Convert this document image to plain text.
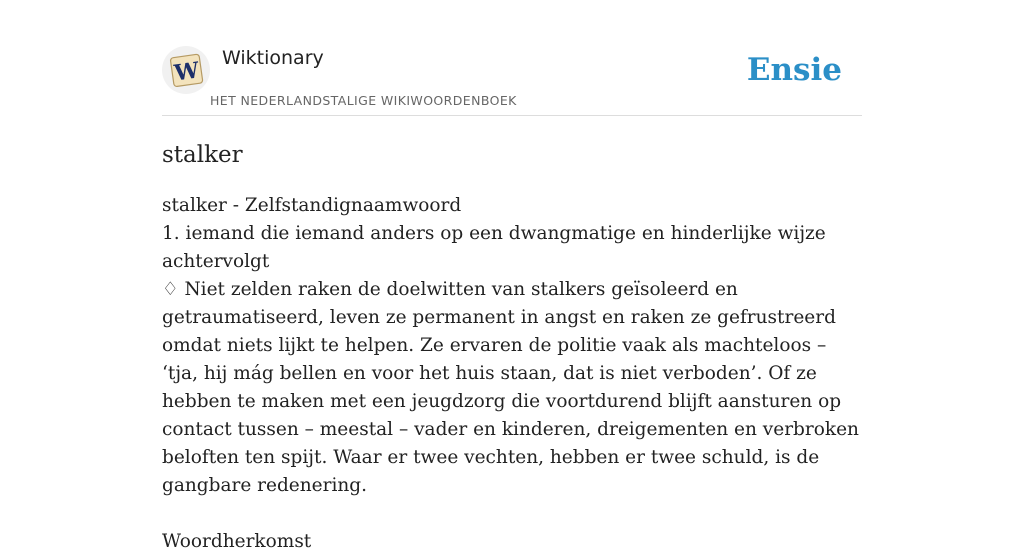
W Wiktionary
HET NEDERLANDSTALIGE WIKIWOORDENBOEK
Ensie
stalker

stalker - Zelfstandignaamwoord

1. iemand die iemand anders op een dwangmatige en hinderlijke wijze achtervolgt

♢ Niet zelden raken de doelwitten van stalkers geïsoleerd en getraumatiseerd, leven ze permanent in angst en raken ze gefrustreerd omdat niets lijkt te helpen. Ze ervaren de politie vaak als machteloos – ‘tja, hij mág bellen en voor het huis staan, dat is niet verboden’. Of ze hebben te maken met een jeugdzorg die voortdurend blijft aansturen op contact tussen – meestal – vader en kinderen, dreigementen en verbroken beloften ten spijt. Waar er twee vechten, hebben er twee schuld, is de gangbare redenering.

Woordherkomst
